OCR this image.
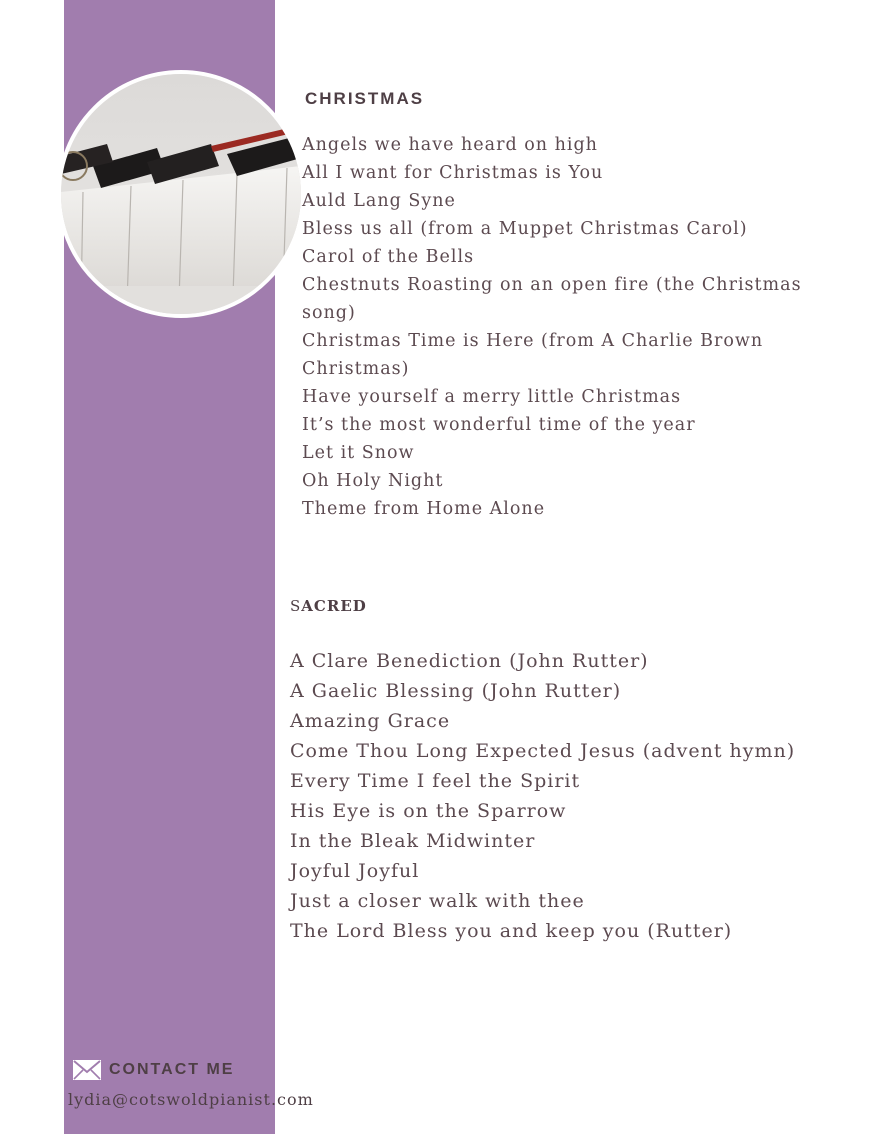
CHRISTMAS
Angels we have heard on high
All I want for Christmas is You
Auld Lang Syne
Bless us all (from a Muppet Christmas Carol)
Carol of the Bells
Chestnuts Roasting on an open fire (the Christmas song)
Christmas Time is Here (from A Charlie Brown Christmas)
Have yourself a merry little Christmas
It’s the most wonderful time of the year
Let it Snow
Oh Holy Night
Theme from Home Alone
SACRED
A Clare Benediction (John Rutter)
A Gaelic Blessing (John Rutter)
Amazing Grace
Come Thou Long Expected Jesus (advent hymn)
Every Time I feel the Spirit
His Eye is on the Sparrow
In the Bleak Midwinter
Joyful Joyful
Just a closer walk with thee
The Lord Bless you and keep you (Rutter)
CONTACT ME
lydia@cotswoldpianist.com
